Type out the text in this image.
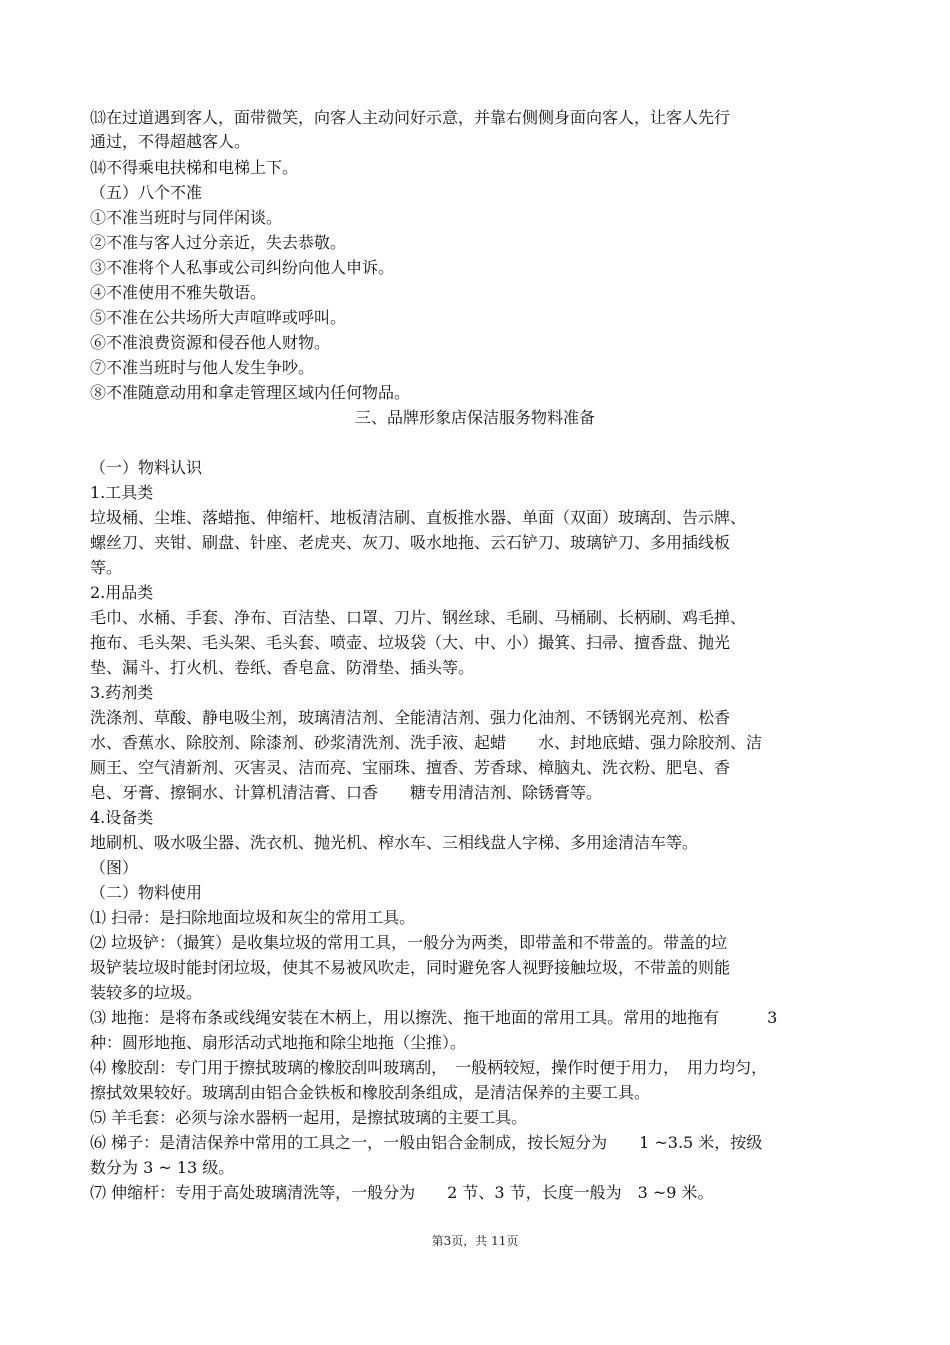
⒀在过道遇到客人，面带微笑，向客人主动问好示意，并靠右侧侧身面向客人，让客人先行
通过，不得超越客人。
⒁不得乘电扶梯和电梯上下。
（五）八个不准
①不准当班时与同伴闲谈。
②不准与客人过分亲近，失去恭敬。
③不准将个人私事或公司纠纷向他人申诉。
④不准使用不雅失敬语。
⑤不准在公共场所大声喧哗或呼叫。
⑥不准浪费资源和侵吞他人财物。
⑦不准当班时与他人发生争吵。
⑧不准随意动用和拿走管理区域内任何物品。
三、品牌形象店保洁服务物料准备
（一）物料认识
1.工具类
垃圾桶、尘堆、落蜡拖、伸缩杆、地板清洁刷、直板推水器、单面（双面）玻璃刮、告示牌、
螺丝刀、夹钳、刷盘、针座、老虎夹、灰刀、吸水地拖、云石铲刀、玻璃铲刀、多用插线板
等。
2.用品类
毛巾、水桶、手套、净布、百洁垫、口罩、刀片、钢丝球、毛刷、马桶刷、长柄刷、鸡毛掸、
拖布、毛头架、毛头架、毛头套、喷壶、垃圾袋（大、中、小）撮箕、扫帚、擅香盘、抛光
垫、漏斗、打火机、卷纸、香皂盒、防滑垫、插头等。
3.药剂类
洗涤剂、草酸、静电吸尘剂，玻璃清洁剂、全能清洁剂、强力化油剂、不锈钢光亮剂、松香
水、香蕉水、除胶剂、除漆剂、砂浆清洗剂、洗手液、起蜡　　水、封地底蜡、强力除胶剂、洁
厕王、空气清新剂、灭害灵、洁而亮、宝丽珠、擅香、芳香球、樟脑丸、洗衣粉、肥皂、香
皂、牙膏、擦铜水、计算机清洁膏、口香　　糖专用清洁剂、除锈膏等。
4.设备类
地刷机、吸水吸尘器、洗衣机、抛光机、榨水车、三相线盘人字梯、多用途清洁车等。
（图）
（二）物料使用
⑴ 扫帚：是扫除地面垃圾和灰尘的常用工具。
⑵ 垃圾铲：（撮箕）是收集垃圾的常用工具，一般分为两类，即带盖和不带盖的。带盖的垃
圾铲装垃圾时能封闭垃圾，使其不易被风吹走，同时避免客人视野接触垃圾，不带盖的则能
装较多的垃圾。
⑶ 地拖：是将布条或线绳安装在木柄上，用以擦洗、拖干地面的常用工具。常用的地拖有　　　3
种：圆形地拖、扇形活动式地拖和除尘地拖（尘推）。
⑷ 橡胶刮：专门用于擦拭玻璃的橡胶刮叫玻璃刮，　一般柄较短，操作时便于用力，　用力均匀，
擦拭效果较好。玻璃刮由铝合金铁板和橡胶刮条组成，是清洁保养的主要工具。
⑸ 羊毛套：必须与涂水器柄一起用，是擦拭玻璃的主要工具。
⑹ 梯子：是清洁保养中常用的工具之一，一般由铝合金制成，按长短分为　　1 ~3.5 米，按级
数分为 3 ~ 13 级。
⑺ 伸缩杆：专用于高处玻璃清洗等，一般分为　　2 节、3 节，长度一般为　3 ~9 米。
第3页，共 11页
